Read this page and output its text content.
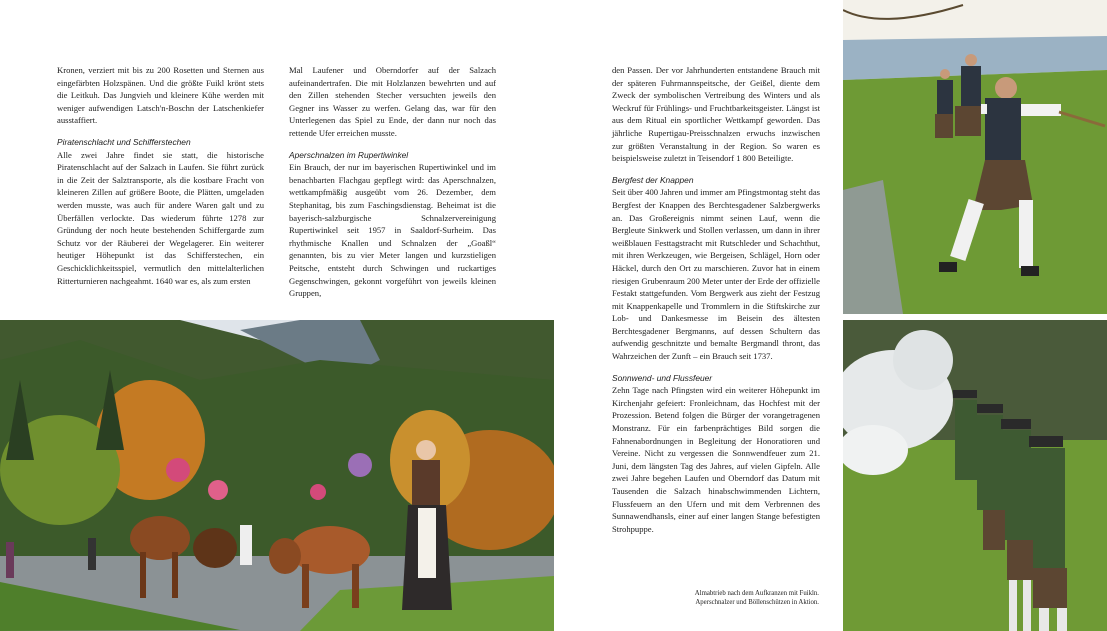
Kronen, verziert mit bis zu 200 Rosetten und Sternen aus eingefärbten Holzspänen. Und die größte Fuikl krönt stets die Leitkuh. Das Jungvieh und kleinere Kühe werden mit weniger aufwendigen Latsch'n-Boschn der Latschenkiefer ausstaffiert.

Piratenschlacht und Schifferstechen

Alle zwei Jahre findet sie statt, die historische Piratenschlacht auf der Salzach in Laufen. Sie führt zurück in die Zeit der Salztransporte, als die kostbare Fracht von kleineren Zillen auf größere Boote, die Plätten, umgeladen werden musste, was auch für andere Waren galt und zu Überfällen verlockte. Das wiederum führte 1278 zur Gründung der noch heute bestehenden Schiffergarde zum Schutz vor der Räuberei der Wegelagerer. Ein weiterer heutiger Höhepunkt ist das Schifferstechen, ein Geschicklichkeitsspiel, vermutlich den mittelalterlichen Ritterturnieren nachgeahmt. 1640 war es, als zum ersten

Mal Laufener und Oberndorfer auf der Salzach aufeinandertrafen. Die mit Holzlanzen bewehrten und auf den Zillen stehenden Stecher versuchten jeweils den Gegner ins Wasser zu werfen. Gelang das, war für den Unterlegenen das Spiel zu Ende, der dann nur noch das rettende Ufer erreichen musste.

Aperschnalzen im Rupertiwinkel

Ein Brauch, der nur im bayerischen Rupertiwinkel und im benachbarten Flachgau gepflegt wird: das Aperschnalzen, wettkampfmäßig ausgeübt vom 26. Dezember, dem Stephanitag, bis zum Faschingsdienstag. Beheimat ist die bayerisch-salzburgische Schnalzervereinigung Rupertiwinkel seit 1957 in Saaldorf-Surheim. Das rhythmische Knallen und Schnalzen der „Goaßl“ genannten, bis zu vier Meter langen und kurzstieligen Peitsche, entsteht durch Schwingen und ruckartiges Gegenschwingen, gekonnt vorgeführt von jeweils kleinen Gruppen,

den Passen. Der vor Jahrhunderten entstandene Brauch mit der späteren Fuhrmannspeitsche, der Geißel, diente dem Zweck der symbolischen Vertreibung des Winters und als Weckruf für Frühlings- und Fruchtbarkeitsgeister. Längst ist aus dem Ritual ein sportlicher Wettkampf geworden. Das jährliche Rupertigau-Preisschnalzen erwuchs inzwischen zur größten Veranstaltung in der Region. So waren es beispielsweise zuletzt in Teisendorf 1 800 Beteiligte.

Bergfest der Knappen

Seit über 400 Jahren und immer am Pfingstmontag steht das Bergfest der Knappen des Berchtesgadener Salzbergwerks an. Das Großereignis nimmt seinen Lauf, wenn die Bergleute Sinkwerk und Stollen verlassen, um dann in ihrer weißblauen Festtagstracht mit Rutschleder und Schachthut, mit ihren Werkzeugen, wie Bergeisen, Schlägel, Horn oder Häckel, durch den Ort zu marschieren. Zuvor hat in einem riesigen Grubenraum 200 Meter unter der Erde der offizielle Festakt stattgefunden. Vom Bergwerk aus zieht der Festzug mit Knappenkapelle und Trommlern in die Stiftskirche zur Lob- und Dankesmesse im Beisein des ältesten Berchtesgadener Bergmanns, auf dessen Schultern das aufwendig geschnitzte und bemalte Bergmandl thront, das Wahrzeichen der Zunft – ein Brauch seit 1737.

Sonnwend- und Flussfeuer

Zehn Tage nach Pfingsten wird ein weiterer Höhepunkt im Kirchenjahr gefeiert: Fronleichnam, das Hochfest mit der Prozession. Betend folgen die Bürger der vorangetragenen Monstranz. Für ein farbenprächtiges Bild sorgen die Fahnenabordnungen in Begleitung der Honoratioren und Vereine. Nicht zu vergessen die Sonnwendfeuer zum 21. Juni, dem längsten Tag des Jahres, auf vielen Gipfeln. Alle zwei Jahre begehen Laufen und Oberndorf das Datum mit Tausenden die Salzach hinabschwimmenden Lichtern, Flussfeuern an den Ufern und mit dem Verbrennen des Sunnawendhansls, einer auf einer langen Stange befestigten Strohpuppe.

Almabtrieb nach dem Aufkranzen mit Fuikln.
Aperschnalzer und Böllenschützen in Aktion.
